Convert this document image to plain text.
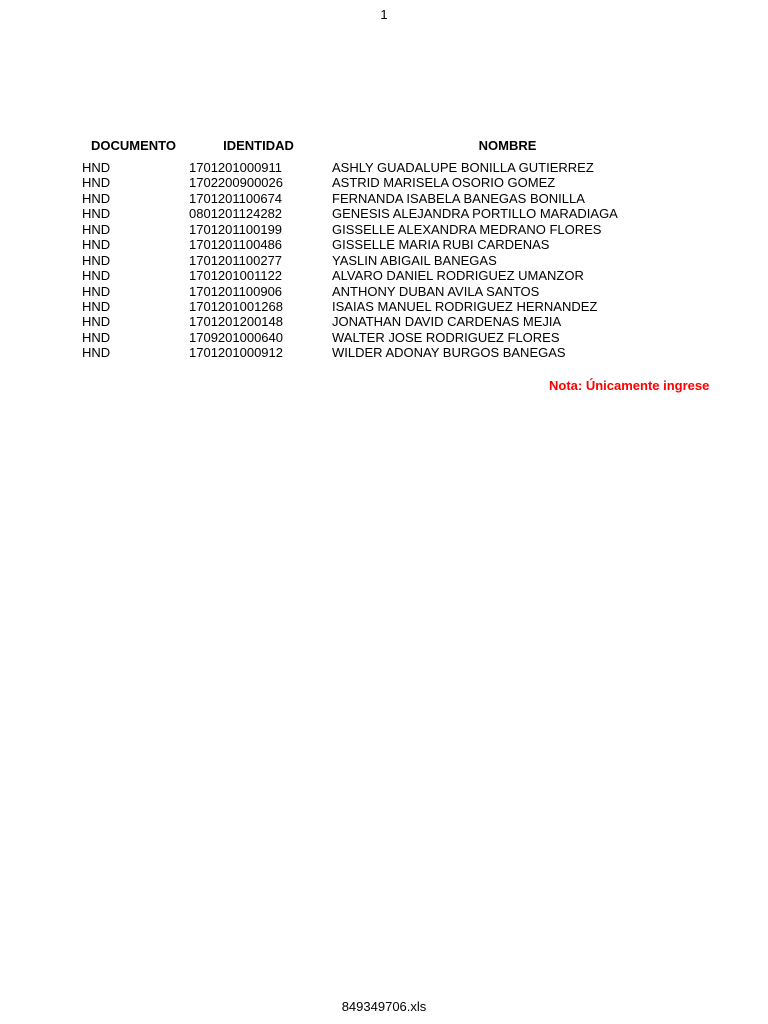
1
DOCUMENTO	IDENTIDAD	NOMBRE
HND	1701201000911	ASHLY GUADALUPE BONILLA GUTIERREZ
HND	1702200900026	ASTRID MARISELA OSORIO GOMEZ
HND	1701201100674	FERNANDA ISABELA BANEGAS BONILLA
HND	0801201124282	GENESIS ALEJANDRA PORTILLO MARADIAGA
HND	1701201100199	GISSELLE ALEXANDRA MEDRANO FLORES
HND	1701201100486	GISSELLE MARIA RUBI CARDENAS
HND	1701201100277	YASLIN ABIGAIL BANEGAS
HND	1701201001122	ALVARO DANIEL RODRIGUEZ UMANZOR
HND	1701201100906	ANTHONY DUBAN AVILA SANTOS
HND	1701201001268	ISAIAS MANUEL RODRIGUEZ HERNANDEZ
HND	1701201200148	JONATHAN DAVID CARDENAS MEJIA
HND	1709201000640	WALTER JOSE RODRIGUEZ FLORES
HND	1701201000912	WILDER ADONAY BURGOS BANEGAS
Nota: Únicamente ingrese
849349706.xls
